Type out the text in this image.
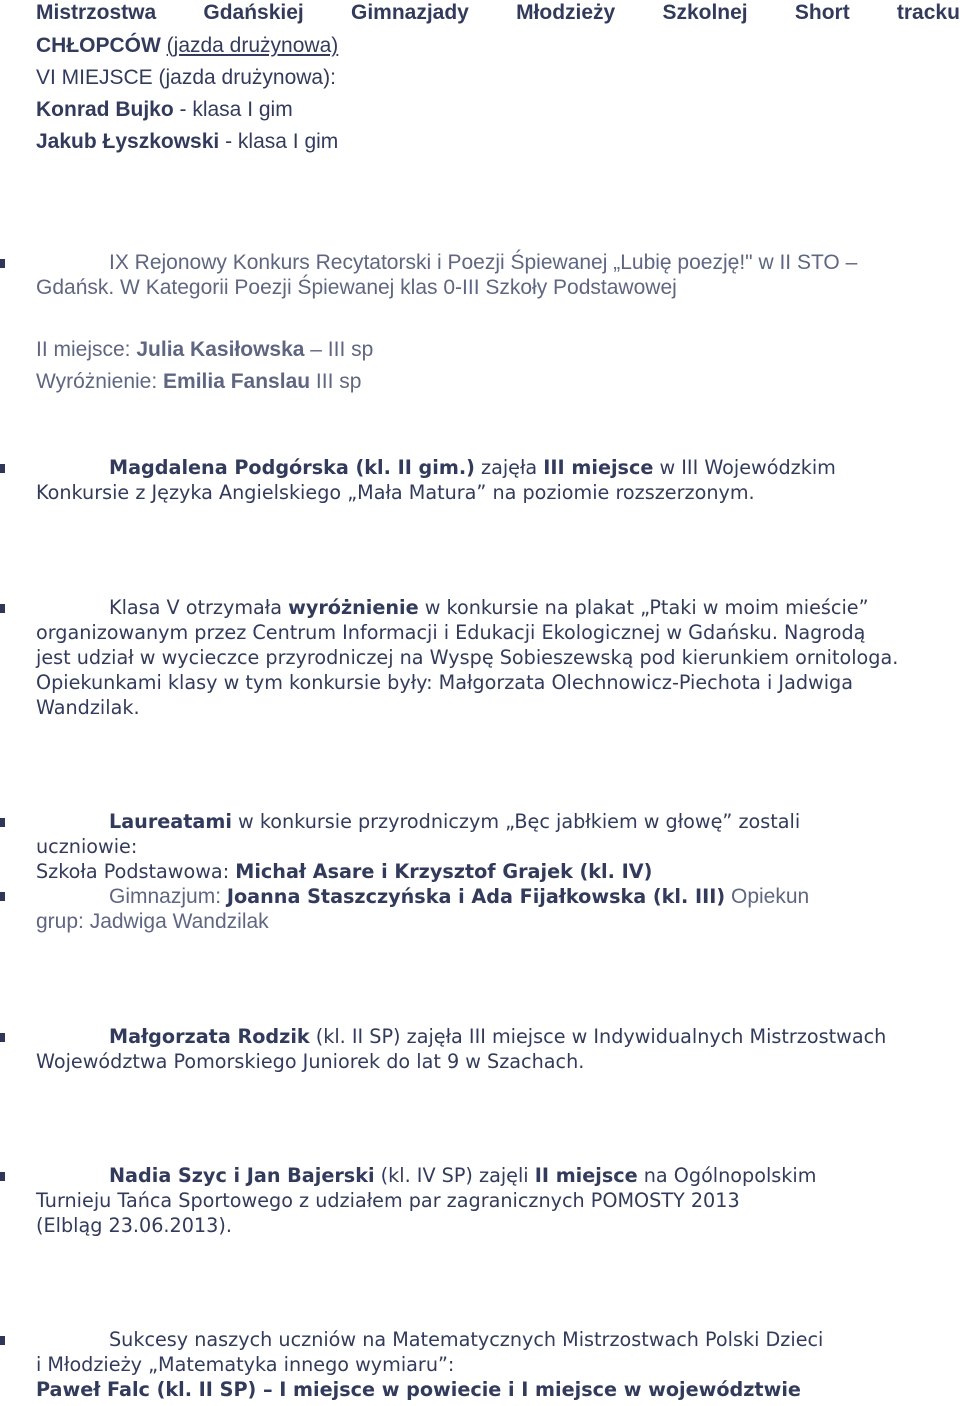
Mistrzostwa Gdańskiej Gimnazjady Młodzieży Szkolnej Short tracku
CHŁOPCÓW (jazda drużynowa)
VI MIEJSCE (jazda drużynowa):
Konrad Bujko - klasa I gim
Jakub Łyszkowski - klasa I gim
IX Rejonowy Konkurs Recytatorski i Poezji Śpiewanej „Lubię poezję!" w II STO –
Gdańsk. W Kategorii Poezji Śpiewanej klas 0-III Szkoły Podstawowej
II miejsce: Julia Kasiłowska – III sp
Wyróżnienie: Emilia Fanslau III sp
Magdalena Podgórska (kl. II gim.) zajęła III miejsce w III Wojewódzkim
Konkursie z Języka Angielskiego „Mała Matura” na poziomie rozszerzonym.
Klasa V otrzymała wyróżnienie w konkursie na plakat „Ptaki w moim mieście”
organizowanym przez Centrum Informacji i Edukacji Ekologicznej w Gdańsku. Nagrodą
jest udział w wycieczce przyrodniczej na Wyspę Sobieszewską pod kierunkiem ornitologa.
Opiekunkami klasy w tym konkursie były: Małgorzata Olechnowicz-Piechota i Jadwiga
Wandzilak.
Laureatami w konkursie przyrodniczym „Bęc jabłkiem w głowę” zostali
uczniowie:
Szkoła Podstawowa: Michał Asare i Krzysztof Grajek (kl. IV)
Gimnazjum: Joanna Staszczyńska i Ada Fijałkowska (kl. III) Opiekun
grup: Jadwiga Wandzilak
Małgorzata Rodzik (kl. II SP) zajęła III miejsce w Indywidualnych Mistrzostwach
Województwa Pomorskiego Juniorek do lat 9 w Szachach.
Nadia Szyc i Jan Bajerski (kl. IV SP) zajęli II miejsce na Ogólnopolskim
Turnieju Tańca Sportowego z udziałem par zagranicznych POMOSTY 2013
(Elbląg 23.06.2013).
Sukcesy naszych uczniów na Matematycznych Mistrzostwach Polski Dzieci
i Młodzieży „Matematyka innego wymiaru”:
Paweł Falc (kl. II SP) – I miejsce w powiecie i I miejsce w województwie
